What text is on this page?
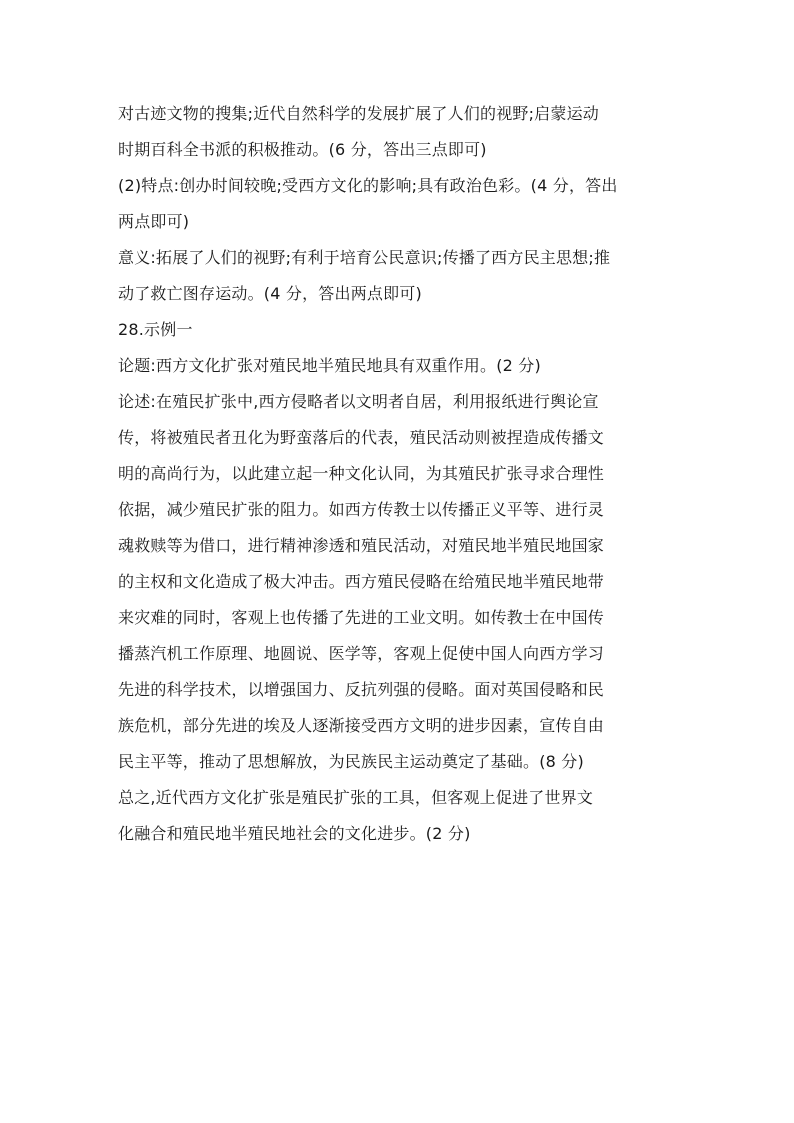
对古迹文物的搜集;近代自然科学的发展扩展了人们的视野;启蒙运动
时期百科全书派的积极推动。(6 分，答出三点即可)
(2)特点:创办时间较晚;受西方文化的影响;具有政治色彩。(4 分，答出
两点即可)
意义:拓展了人们的视野;有利于培育公民意识;传播了西方民主思想;推
动了救亡图存运动。(4 分，答出两点即可)
28.示例一
论题:西方文化扩张对殖民地半殖民地具有双重作用。(2 分)
论述:在殖民扩张中,西方侵略者以文明者自居，利用报纸进行舆论宣
传，将被殖民者丑化为野蛮落后的代表，殖民活动则被捏造成传播文
明的高尚行为，以此建立起一种文化认同，为其殖民扩张寻求合理性
依据，减少殖民扩张的阻力。如西方传教士以传播正义平等、进行灵
魂救赎等为借口，进行精神渗透和殖民活动，对殖民地半殖民地国家
的主权和文化造成了极大冲击。西方殖民侵略在给殖民地半殖民地带
来灾难的同时，客观上也传播了先进的工业文明。如传教士在中国传
播蒸汽机工作原理、地圆说、医学等，客观上促使中国人向西方学习
先进的科学技术，以增强国力、反抗列强的侵略。面对英国侵略和民
族危机，部分先进的埃及人逐渐接受西方文明的进步因素，宣传自由
民主平等，推动了思想解放，为民族民主运动奠定了基础。(8 分)
总之,近代西方文化扩张是殖民扩张的工具，但客观上促进了世界文
化融合和殖民地半殖民地社会的文化进步。(2 分)
